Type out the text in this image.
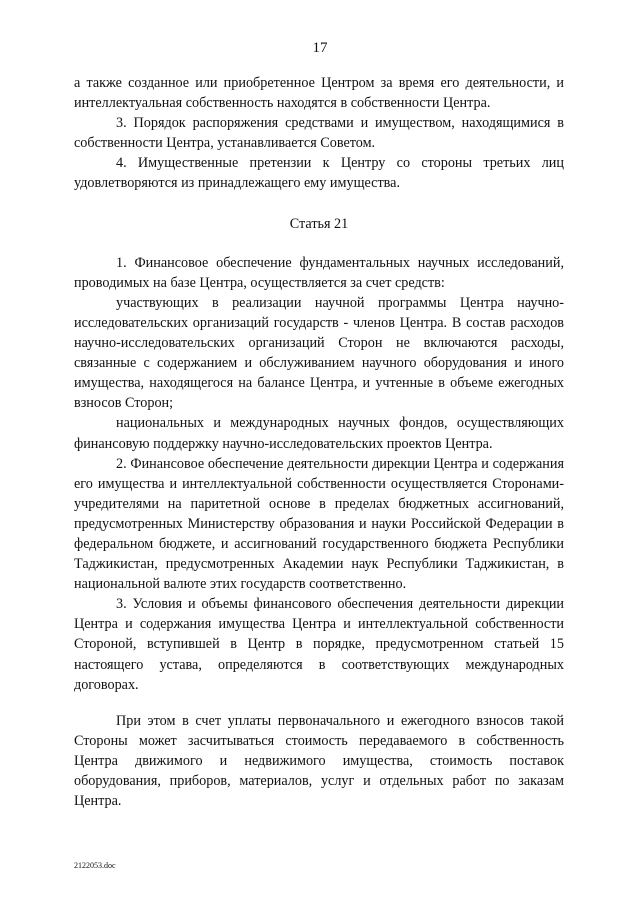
17

а также созданное или приобретенное Центром за время его деятельности, и интеллектуальная собственность находятся в собственности Центра.

3. Порядок распоряжения средствами и имуществом, находящимися в собственности Центра, устанавливается Советом.

4. Имущественные претензии к Центру со стороны третьих лиц удовлетворяются из принадлежащего ему имущества.

Статья 21

1. Финансовое обеспечение фундаментальных научных исследований, проводимых на базе Центра, осуществляется за счет средств:

участвующих в реализации научной программы Центра научно-исследовательских организаций государств - членов Центра. В состав расходов научно-исследовательских организаций Сторон не включаются расходы, связанные с содержанием и обслуживанием научного оборудования и иного имущества, находящегося на балансе Центра, и учтенные в объеме ежегодных взносов Сторон;

национальных и международных научных фондов, осуществляющих финансовую поддержку научно-исследовательских проектов Центра.

2. Финансовое обеспечение деятельности дирекции Центра и содержания его имущества и интеллектуальной собственности осуществляется Сторонами-учредителями на паритетной основе в пределах бюджетных ассигнований, предусмотренных Министерству образования и науки Российской Федерации в федеральном бюджете, и ассигнований государственного бюджета Республики Таджикистан, предусмотренных Академии наук Республики Таджикистан, в национальной валюте этих государств соответственно.

3. Условия и объемы финансового обеспечения деятельности дирекции Центра и содержания имущества Центра и интеллектуальной собственности Стороной, вступившей в Центр в порядке, предусмотренном статьей 15 настоящего устава, определяются в соответствующих международных договорах.

При этом в счет уплаты первоначального и ежегодного взносов такой Стороны может засчитываться стоимость передаваемого в собственность Центра движимого и недвижимого имущества, стоимость поставок оборудования, приборов, материалов, услуг и отдельных работ по заказам Центра.

2122053.doc
